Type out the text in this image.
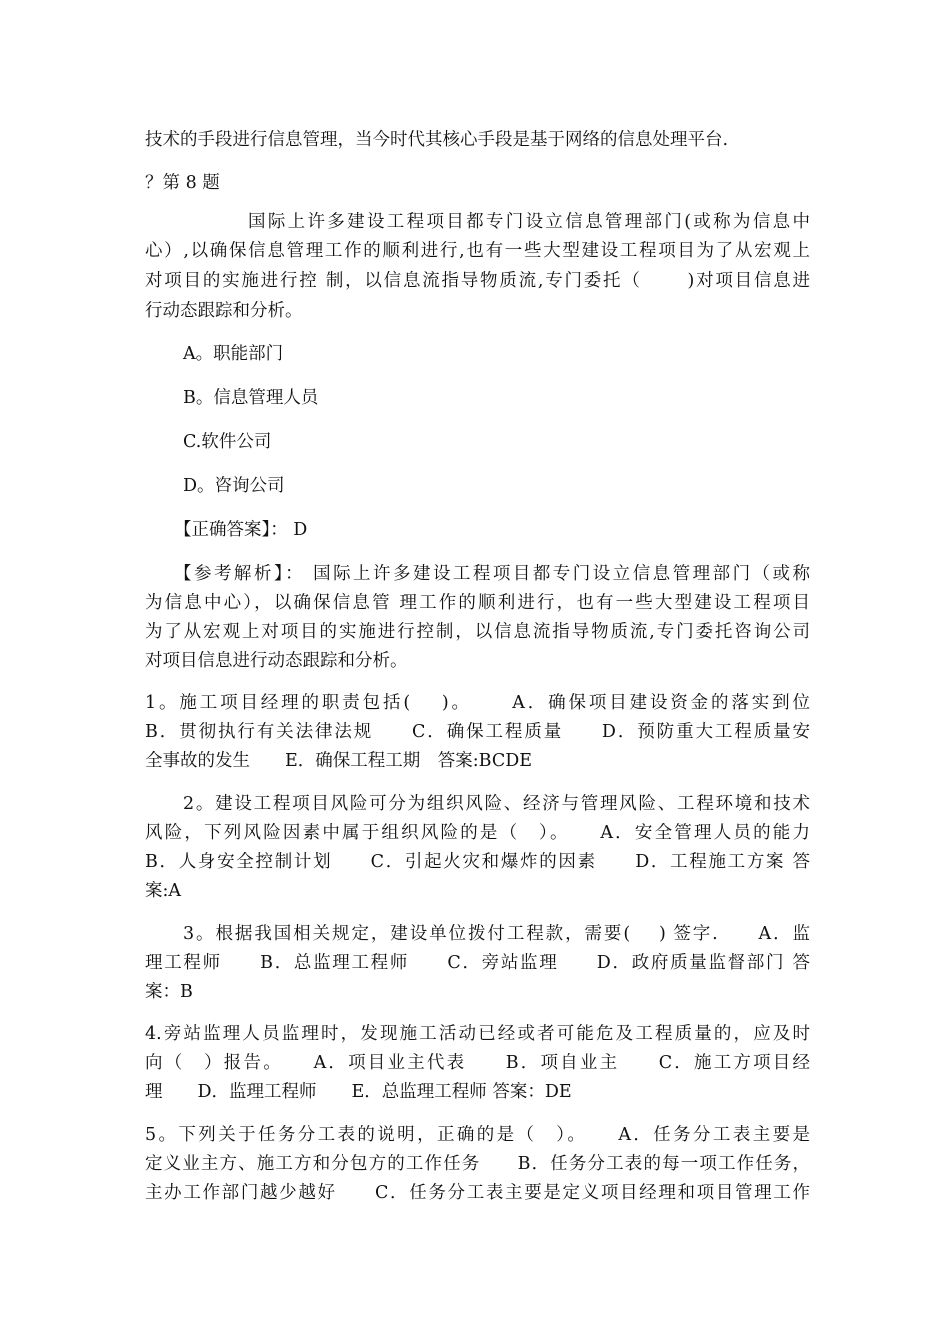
技术的手段进行信息管理，当今时代其核心手段是基于网络的信息处理平台.
？第 8 题
国际上许多建设工程项目都专门设立信息管理部门(或称为信息中
心）,以确保信息管理工作的顺利进行,也有一些大型建设工程项目为了从宏观上
对项目的实施进行控 制，以信息流指导物质流,专门委托（　　 )对项目信息进
行动态跟踪和分析。
A。职能部门
B。信息管理人员
C.软件公司
D。咨询公司
【正确答案】： D
【参考解析】： 国际上许多建设工程项目都专门设立信息管理部门（或称
为信息中心），以确保信息管 理工作的顺利进行，也有一些大型建设工程项目
为了从宏观上对项目的实施进行控制，以信息流指导物质流,专门委托咨询公司
对项目信息进行动态跟踪和分析。
1。施工项目经理的职责包括(　 )。　　 A．确保项目建设资金的落实到位
B．贯彻执行有关法律法规　　C．确保工程质量　　D．预防重大工程质量安
全事故的发生　　E．确保工程工期　答案:BCDE
2。建设工程项目风险可分为组织风险、经济与管理风险、工程环境和技术
风险，下列风险因素中属于组织风险的是（　）。　　A．安全管理人员的能力
B．人身安全控制计划　　C．引起火灾和爆炸的因素　　D．工程施工方案 答
案:A
3。根据我国相关规定，建设单位拨付工程款，需要(　 ) 签字.　　A．监
理工程师　　B．总监理工程师　　C．旁站监理　　D．政府质量监督部门 答
案：B
4.旁站监理人员监理时，发现施工活动已经或者可能危及工程质量的，应及时
向（　）报告。　　A．项目业主代表　　B．项自业主　　C．施工方项目经
理　　D．监理工程师　　E．总监理工程师 答案：DE
5。下列关于任务分工表的说明，正确的是（　）。　　A．任务分工表主要是
定义业主方、施工方和分包方的工作任务　　B．任务分工表的每一项工作任务，
主办工作部门越少越好　　C．任务分工表主要是定义项目经理和项目管理工作
